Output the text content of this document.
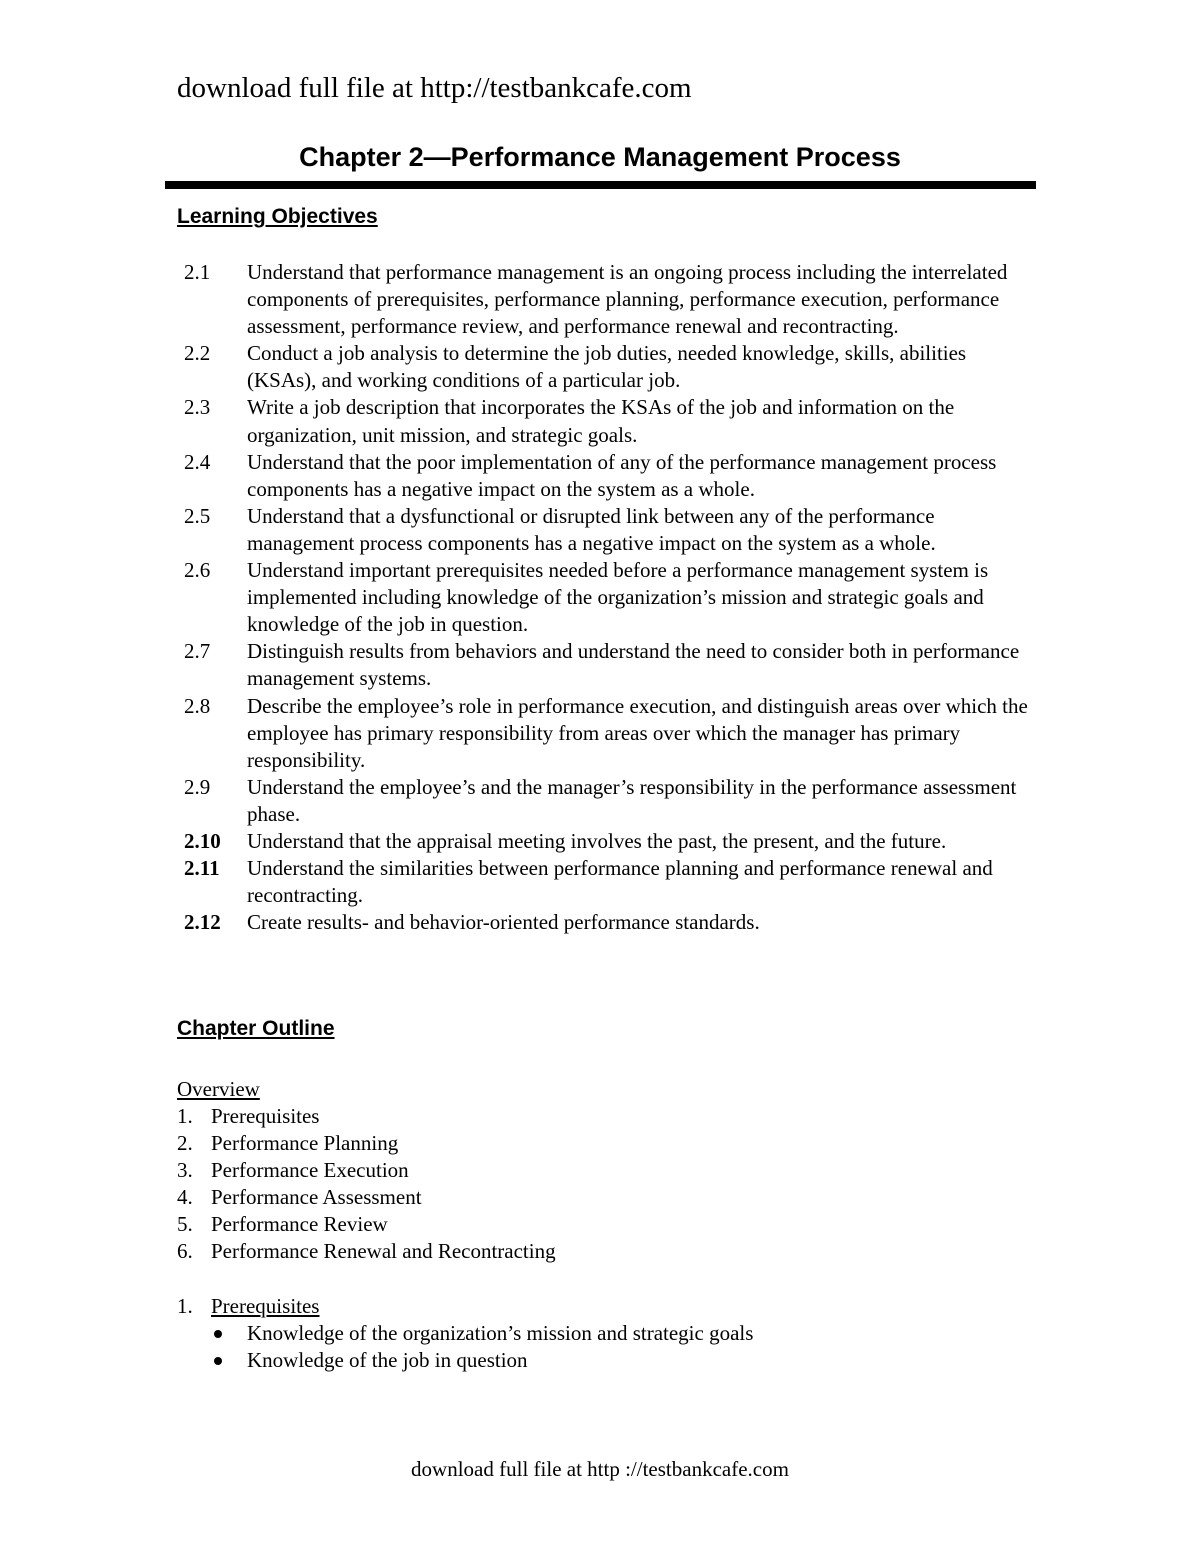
download full file at http://testbankcafe.com
Chapter 2—Performance Management Process
Learning Objectives
2.1	Understand that performance management is an ongoing process including the interrelated components of prerequisites, performance planning, performance execution, performance assessment, performance review, and performance renewal and recontracting.
2.2	Conduct a job analysis to determine the job duties, needed knowledge, skills, abilities (KSAs), and working conditions of a particular job.
2.3	Write a job description that incorporates the KSAs of the job and information on the organization, unit mission, and strategic goals.
2.4	Understand that the poor implementation of any of the performance management process components has a negative impact on the system as a whole.
2.5	Understand that a dysfunctional or disrupted link between any of the performance management process components has a negative impact on the system as a whole.
2.6	Understand important prerequisites needed before a performance management system is implemented including knowledge of the organization’s mission and strategic goals and knowledge of the job in question.
2.7	Distinguish results from behaviors and understand the need to consider both in performance management systems.
2.8	Describe the employee’s role in performance execution, and distinguish areas over which the employee has primary responsibility from areas over which the manager has primary responsibility.
2.9	Understand the employee’s and the manager’s responsibility in the performance assessment phase.
2.10	Understand that the appraisal meeting involves the past, the present, and the future.
2.11	Understand the similarities between performance planning and performance renewal and recontracting.
2.12	Create results- and behavior-oriented performance standards.
Chapter Outline
Overview
1. Prerequisites
2. Performance Planning
3. Performance Execution
4. Performance Assessment
5. Performance Review
6. Performance Renewal and Recontracting
1. Prerequisites
Knowledge of the organization’s mission and strategic goals
Knowledge of the job in question
download full file at http ://testbankcafe.com
